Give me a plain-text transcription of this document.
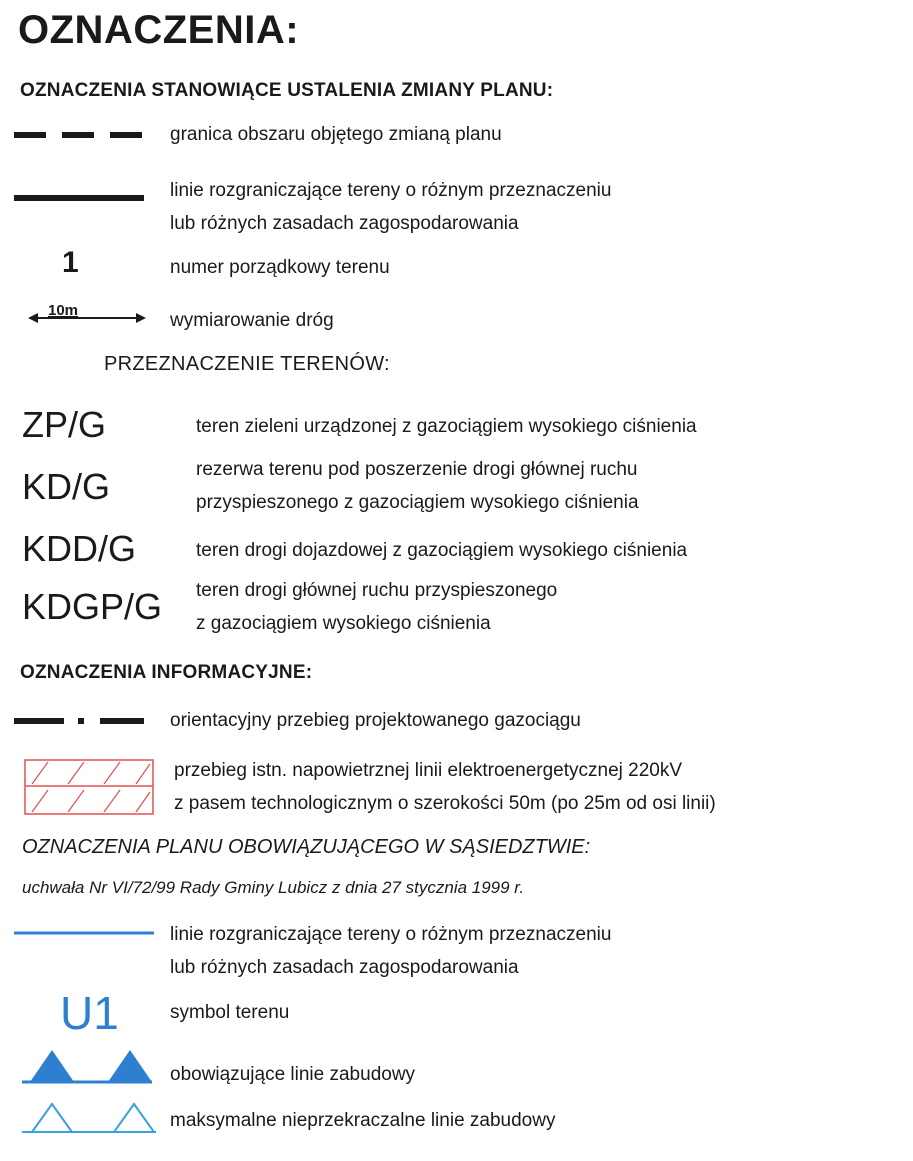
OZNACZENIA:
OZNACZENIA STANOWIĄCE USTALENIA ZMIANY PLANU:
granica obszaru objętego zmianą planu
linie rozgraniczające tereny o różnym przeznaczeniu
lub różnych zasadach zagospodarowania
1	numer porządkowy terenu
10m	wymiarowanie dróg
PRZEZNACZENIE TERENÓW:
ZP/G	teren zieleni urządzonej z gazociągiem wysokiego ciśnienia
KD/G	rezerwa terenu pod poszerzenie drogi głównej ruchu
przyspieszonego z gazociągiem wysokiego ciśnienia
KDD/G	teren drogi dojazdowej z gazociągiem wysokiego ciśnienia
KDGP/G teren drogi głównej ruchu przyspieszonego
z gazociągiem wysokiego ciśnienia
OZNACZENIA INFORMACYJNE:
orientacyjny przebieg projektowanego gazociągu
przebieg istn. napowietrznej linii elektroenergetycznej 220kV
z pasem technologicznym o szerokości 50m (po 25m od osi linii)
OZNACZENIA PLANU OBOWIĄZUJĄCEGO W SĄSIEDZTWIE:
uchwała Nr VI/72/99 Rady Gminy Lubicz z dnia 27 stycznia 1999 r.
linie rozgraniczające tereny o różnym przeznaczeniu
lub różnych zasadach zagospodarowania
U1	symbol terenu
obowiązujące linie zabudowy
maksymalne nieprzekraczalne linie zabudowy
